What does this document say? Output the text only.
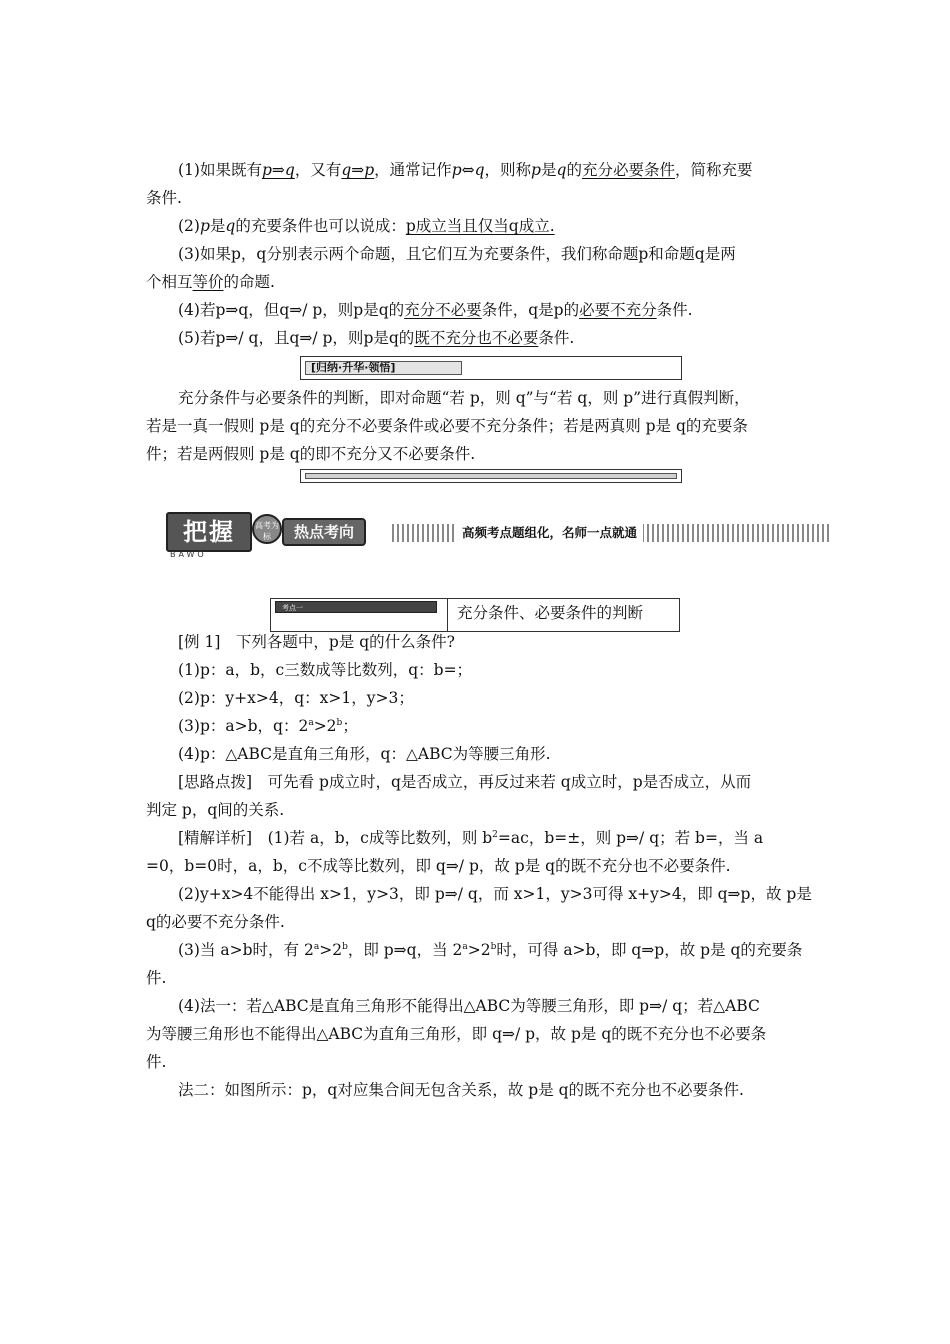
(1)如果既有p⇒q，又有q⇒p，通常记作p⇔q，则称p是q的充分必要条件，简称充要
条件.
(2)p是q的充要条件也可以说成：p成立当且仅当q成立.
(3)如果p，q分别表示两个命题，且它们互为充要条件，我们称命题p和命题q是两
个相互等价的命题.
(4)若p⇒q，但q⇒/ p，则p是q的充分不必要条件，q是p的必要不充分条件.
(5)若p⇒/ q，且q⇒/ p，则p是q的既不充分也不必要条件.
[归纳·升华·领悟]
充分条件与必要条件的判断，即对命题“若 p，则 q”与“若 q，则 p”进行真假判断，
若是一真一假则 p是 q的充分不必要条件或必要不充分条件；若是两真则 p是 q的充要条
件；若是两假则 p是 q的即不充分又不必要条件.
把握
BAWO
高考为标	热点考向	高频考点题组化，名师一点就通
考点一	充分条件、必要条件的判断
[例 1]　下列各题中，p是 q的什么条件?
(1)p：a，b，c三数成等比数列，q：b=；
(2)p：y+x>4，q：x>1，y>3；
(3)p：a>b，q：$2^a>2^b$；
(4)p：△ABC是直角三角形，q：△ABC为等腰三角形.
[思路点拨]　可先看 p成立时，q是否成立，再反过来若 q成立时，p是否成立，从而
判定 p，q间的关系.
[精解详析]　(1)若 a，b，c成等比数列，则 $b^2=ac$，b=±，则 p⇒/ q；若 b=，当 a
=0，b=0时，a，b，c不成等比数列，即 q⇒/ p，故 p是 q的既不充分也不必要条件.
(2)y+x>4不能得出 x>1，y>3，即 p⇒/ q，而 x>1，y>3可得 x+y>4，即 q⇒p，故 p是
q的必要不充分条件.
(3)当 a>b时，有 $2^a>2^b$，即 p⇒q，当 $2^a>2^b$时，可得 a>b，即 q⇒p，故 p是 q的充要条
件.
(4)法一：若△ABC是直角三角形不能得出△ABC为等腰三角形，即 p⇒/ q；若△ABC
为等腰三角形也不能得出△ABC为直角三角形，即 q⇒/ p，故 p是 q的既不充分也不必要条
件.
法二：如图所示：p，q对应集合间无包含关系，故 p是 q的既不充分也不必要条件.
